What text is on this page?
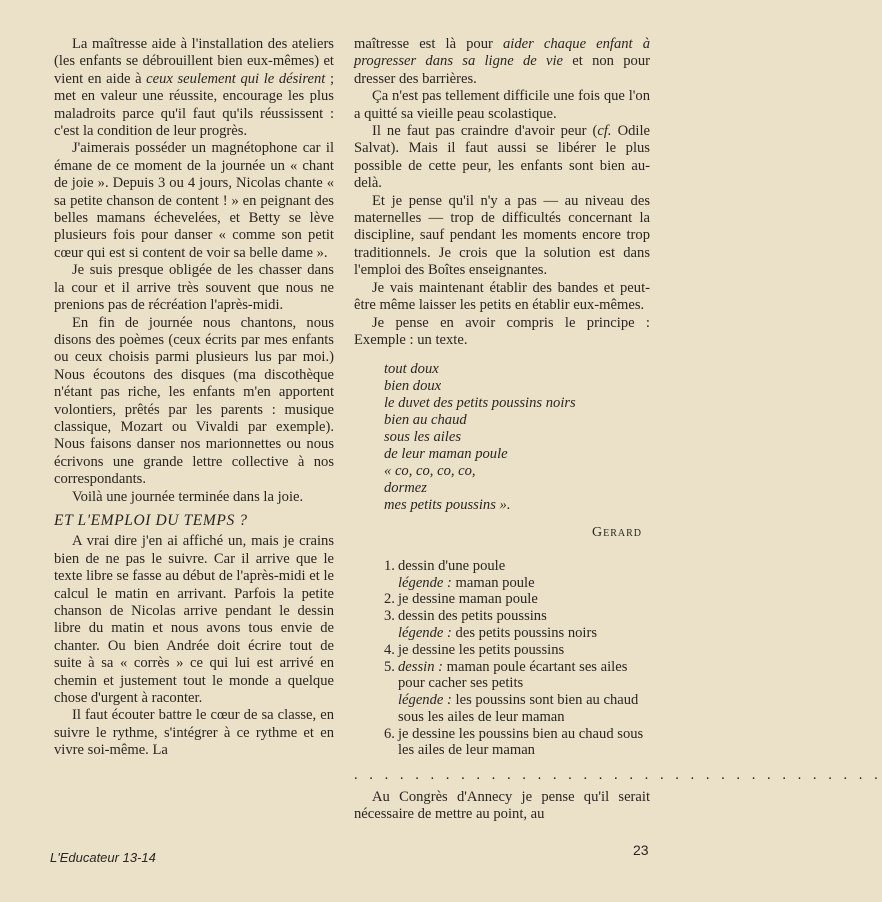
La maîtresse aide à l'installation des ateliers (les enfants se débrouillent bien eux-mêmes) et vient en aide à ceux seulement qui le désirent ; met en valeur une réussite, encourage les plus maladroits parce qu'il faut qu'ils réussissent : c'est la condition de leur progrès.

J'aimerais posséder un magnétophone car il émane de ce moment de la journée un « chant de joie ». Depuis 3 ou 4 jours, Nicolas chante « sa petite chanson de content ! » en peignant des belles mamans échevelées, et Betty se lève plusieurs fois pour danser « comme son petit cœur qui est si content de voir sa belle dame ».

Je suis presque obligée de les chasser dans la cour et il arrive très souvent que nous ne prenions pas de récréation l'après-midi.

En fin de journée nous chantons, nous disons des poèmes (ceux écrits par mes enfants ou ceux choisis parmi plusieurs lus par moi.) Nous écoutons des disques (ma discothèque n'étant pas riche, les enfants m'en apportent volontiers, prêtés par les parents : musique classique, Mozart ou Vivaldi par exemple). Nous faisons danser nos marionnettes ou nous écrivons une grande lettre collective à nos correspondants.

Voilà une journée terminée dans la joie.

ET L'EMPLOI DU TEMPS ?

A vrai dire j'en ai affiché un, mais je crains bien de ne pas le suivre. Car il arrive que le texte libre se fasse au début de l'après-midi et le calcul le matin en arrivant. Parfois la petite chanson de Nicolas arrive pendant le dessin libre du matin et nous avons tous envie de chanter. Ou bien Andrée doit écrire tout de suite à sa « corrès » ce qui lui est arrivé en chemin et justement tout le monde a quelque chose d'urgent à raconter.

Il faut écouter battre le cœur de sa classe, en suivre le rythme, s'intégrer à ce rythme et en vivre soi-même. La

maîtresse est là pour aider chaque enfant à progresser dans sa ligne de vie et non pour dresser des barrières.

Ça n'est pas tellement difficile une fois que l'on a quitté sa vieille peau scolastique.

Il ne faut pas craindre d'avoir peur (cf. Odile Salvat). Mais il faut aussi se libérer le plus possible de cette peur, les enfants sont bien au-delà.

Et je pense qu'il n'y a pas — au niveau des maternelles — trop de difficultés concernant la discipline, sauf pendant les moments encore trop traditionnels. Je crois que la solution est dans l'emploi des Boîtes enseignantes.

Je vais maintenant établir des bandes et peut-être même laisser les petits en établir eux-mêmes.

Je pense en avoir compris le principe : Exemple : un texte.

tout doux
bien doux
le duvet des petits poussins noirs
bien au chaud
sous les ailes
de leur maman poule
« co, co, co, co,
dormez
mes petits poussins ».
Gerard
1. dessin d'une poule
légende : maman poule
2. je dessine maman poule
3. dessin des petits poussins
légende : des petits poussins noirs
4. je dessine les petits poussins
5. dessin : maman poule écartant ses ailes pour cacher ses petits
légende : les poussins sont bien au chaud sous les ailes de leur maman
6. je dessine les poussins bien au chaud sous les ailes de leur maman
. . . . . . . . . . . . . . . . . . . . . . . . . . . . . . . . . . .

Au Congrès d'Annecy je pense qu'il serait nécessaire de mettre au point, au

L'Educateur 13-14	23
